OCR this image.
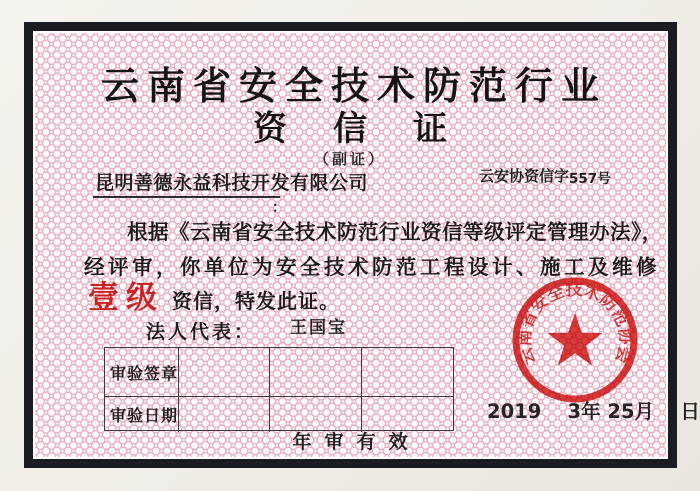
云南省安全技术防范行业
资信证
（副证）
昆明善德永益科技开发有限公司	云安协资信字557号
：
根据《云南省安全技术防范行业资信等级评定管理办法》，
经评审，你单位为安全技术防范工程设计、施工及维修
壹级 资信，特发此证。
法人代表： 王国宝
审验签章
审验日期	2019　 3年 25月 　日
云南省安全技术防范协会
年审有效
